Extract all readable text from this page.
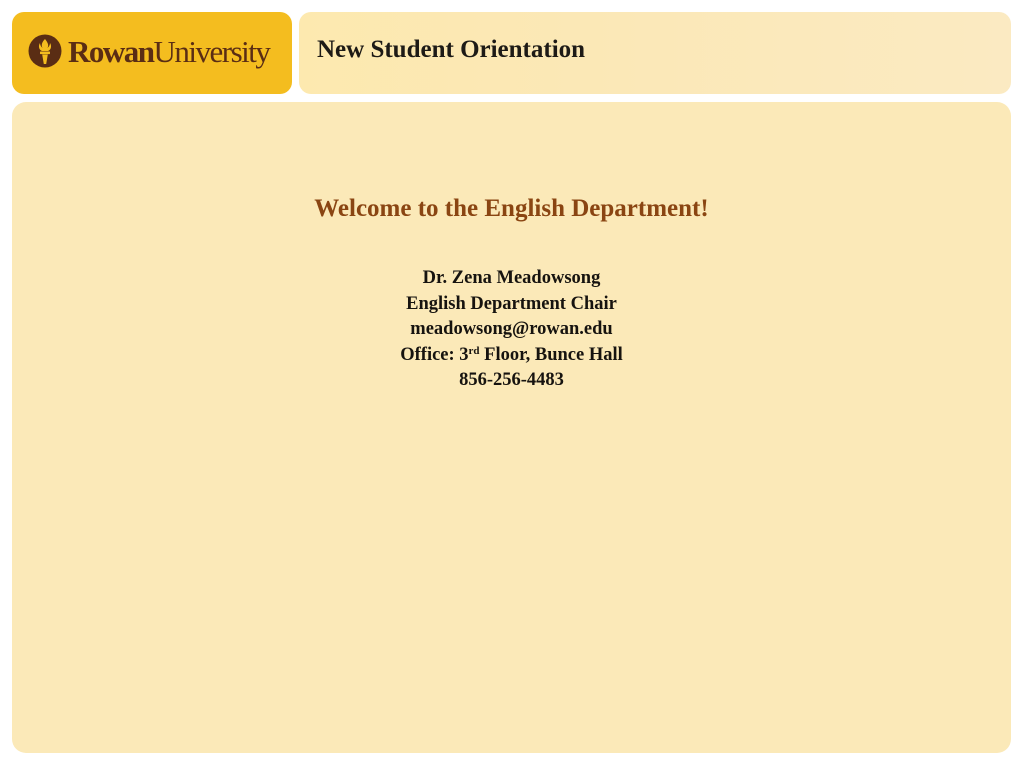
RowanUniversity New Student Orientation
Welcome to the English Department!
Dr. Zena Meadowsong
English Department Chair
meadowsong@rowan.edu
Office: 3rd Floor, Bunce Hall
856-256-4483
